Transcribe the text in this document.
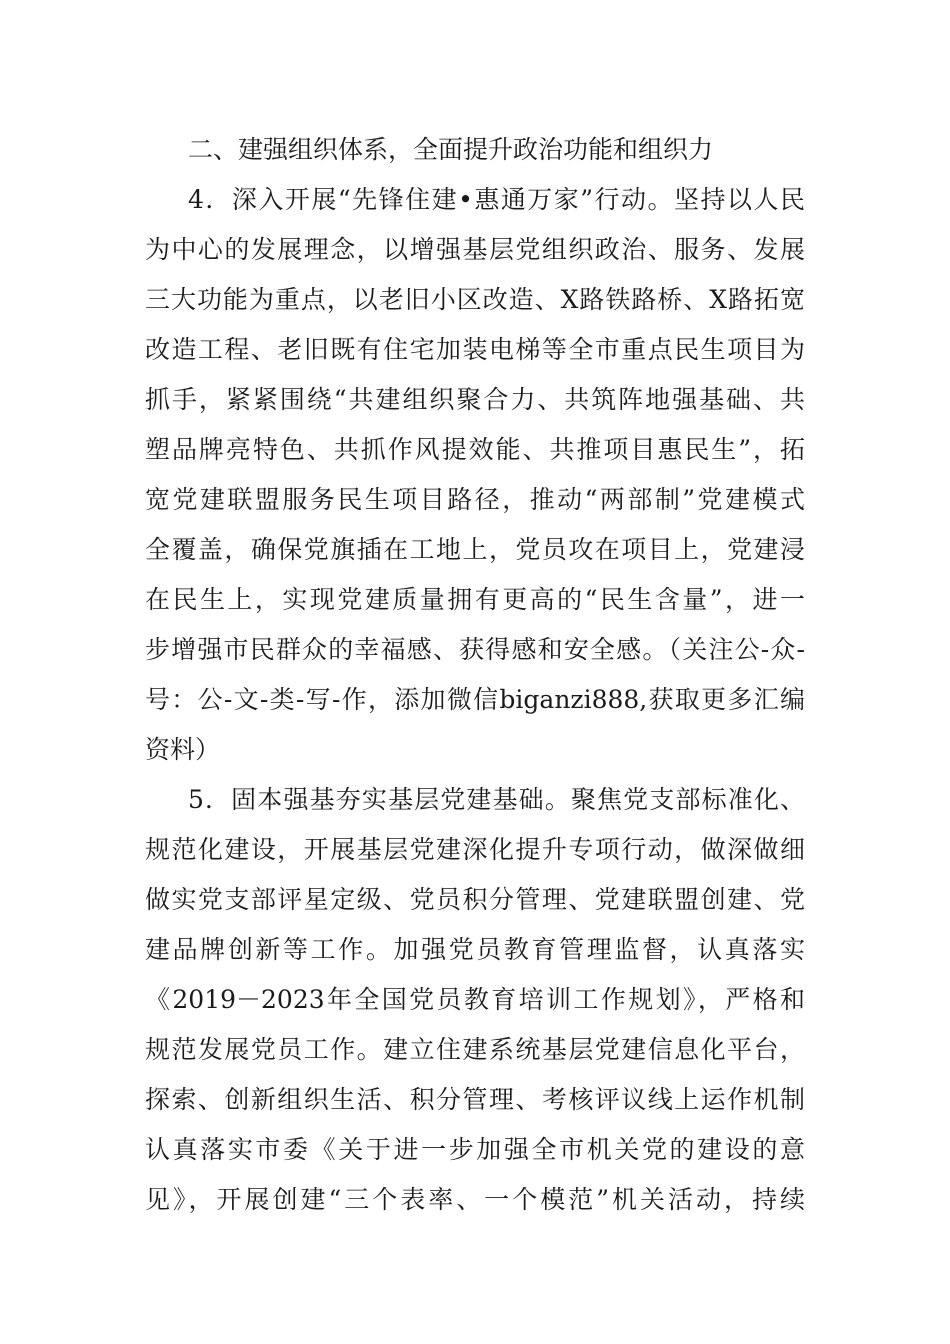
二、建强组织体系，全面提升政治功能和组织力
4．深入开展“先锋住建•惠通万家”行动。坚持以人民
为中心的发展理念，以增强基层党组织政治、服务、发展
三大功能为重点，以老旧小区改造、X路铁路桥、X路拓宽
改造工程、老旧既有住宅加装电梯等全市重点民生项目为
抓手，紧紧围绕“共建组织聚合力、共筑阵地强基础、共
塑品牌亮特色、共抓作风提效能、共推项目惠民生”，拓
宽党建联盟服务民生项目路径，推动“两部制”党建模式
全覆盖，确保党旗插在工地上，党员攻在项目上，党建浸
在民生上，实现党建质量拥有更高的“民生含量”，进一
步增强市民群众的幸福感、获得感和安全感。（关注公-众-
号：公-文-类-写-作，添加微信biganzi888,获取更多汇编
资料）
5．固本强基夯实基层党建基础。聚焦党支部标准化、
规范化建设，开展基层党建深化提升专项行动，做深做细
做实党支部评星定级、党员积分管理、党建联盟创建、党
建品牌创新等工作。加强党员教育管理监督，认真落实
《2019－2023年全国党员教育培训工作规划》，严格和
规范发展党员工作。建立住建系统基层党建信息化平台，
探索、创新组织生活、积分管理、考核评议线上运作机制
认真落实市委《关于进一步加强全市机关党的建设的意
见》，开展创建“三个表率、一个模范”机关活动，持续
